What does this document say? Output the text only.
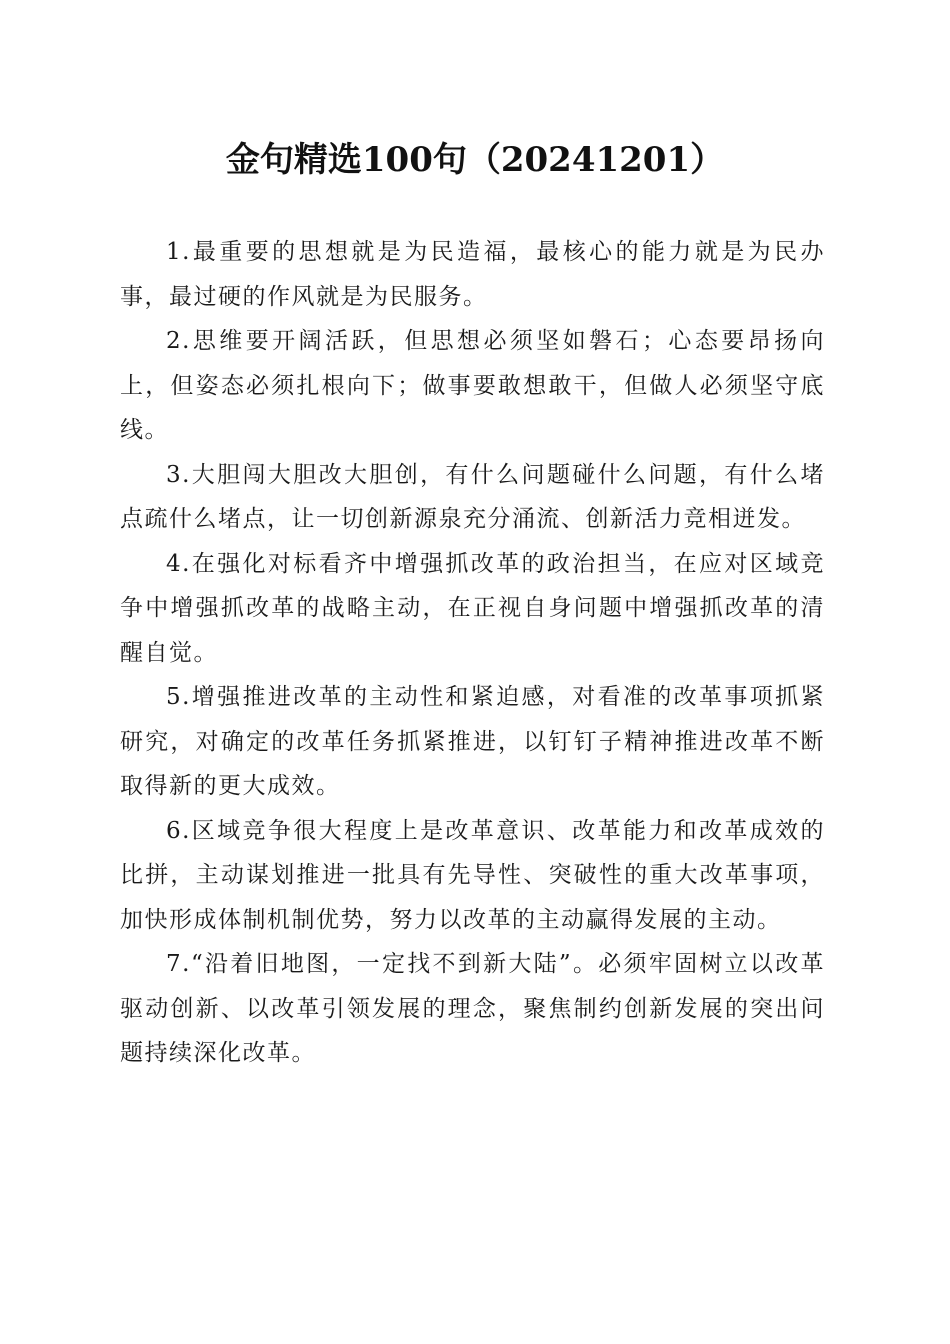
金句精选100句（20241201）

1.最重要的思想就是为民造福，最核心的能力就是为民办事，最过硬的作风就是为民服务。

2.思维要开阔活跃，但思想必须坚如磐石；心态要昂扬向上，但姿态必须扎根向下；做事要敢想敢干，但做人必须坚守底线。

3.大胆闯大胆改大胆创，有什么问题碰什么问题，有什么堵点疏什么堵点，让一切创新源泉充分涌流、创新活力竞相迸发。

4.在强化对标看齐中增强抓改革的政治担当，在应对区域竞争中增强抓改革的战略主动，在正视自身问题中增强抓改革的清醒自觉。

5.增强推进改革的主动性和紧迫感，对看准的改革事项抓紧研究，对确定的改革任务抓紧推进，以钉钉子精神推进改革不断取得新的更大成效。

6.区域竞争很大程度上是改革意识、改革能力和改革成效的比拼，主动谋划推进一批具有先导性、突破性的重大改革事项，加快形成体制机制优势，努力以改革的主动赢得发展的主动。

7.“沿着旧地图，一定找不到新大陆”。必须牢固树立以改革驱动创新、以改革引领发展的理念，聚焦制约创新发展的突出问题持续深化改革。
